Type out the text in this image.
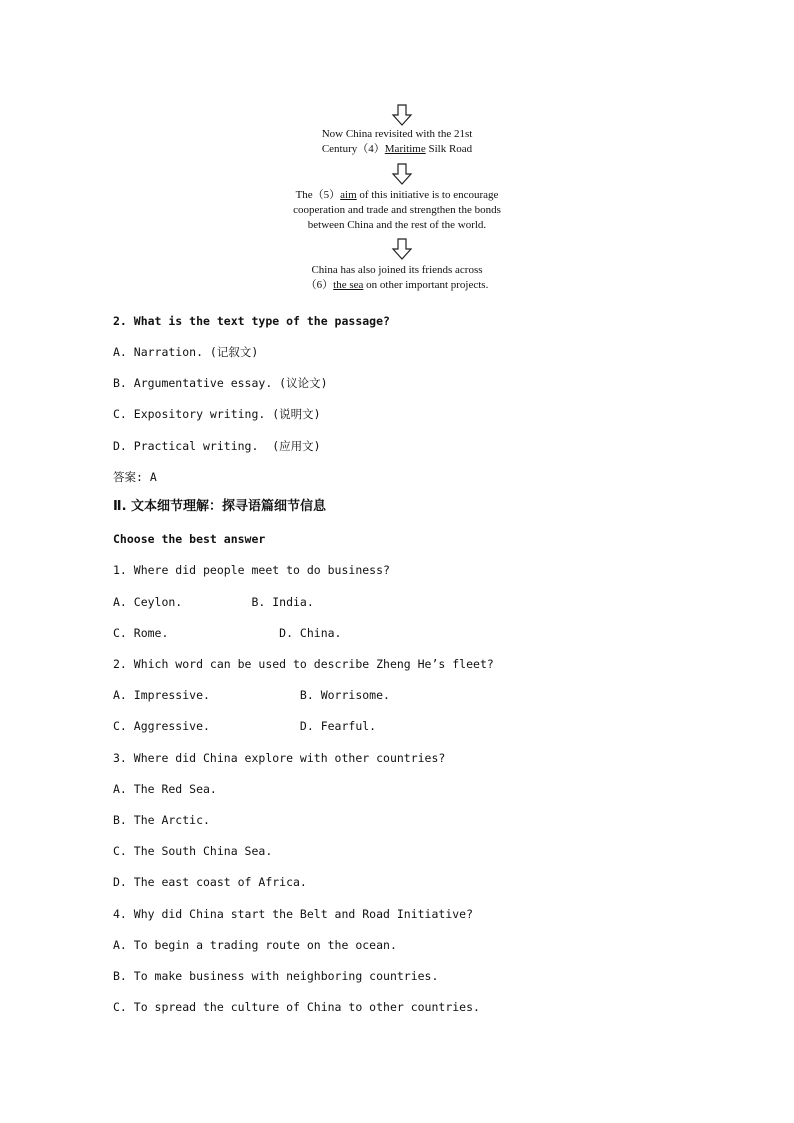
Now China revisited with the 21st
Century（4）Maritime Silk Road
The（5）aim of this initiative is to encourage
cooperation and trade and strengthen the bonds
between China and the rest of the world.
China has also joined its friends across
（6）the sea on other important projects.
2. What is the text type of the passage?
A. Narration. (记叙文)
B. Argumentative essay. (议论文)
C. Expository writing. (说明文)
D. Practical writing.  (应用文)
答案: A
Ⅱ. 文本细节理解：探寻语篇细节信息
Choose the best answer
1. Where did people meet to do business?
A. Ceylon.          B. India.
C. Rome.                D. China.
2. Which word can be used to describe Zheng He’s fleet?
A. Impressive.             B. Worrisome.
C. Aggressive.             D. Fearful.
3. Where did China explore with other countries?
A. The Red Sea.
B. The Arctic.
C. The South China Sea.
D. The east coast of Africa.
4. Why did China start the Belt and Road Initiative?
A. To begin a trading route on the ocean.
B. To make business with neighboring countries.
C. To spread the culture of China to other countries.
